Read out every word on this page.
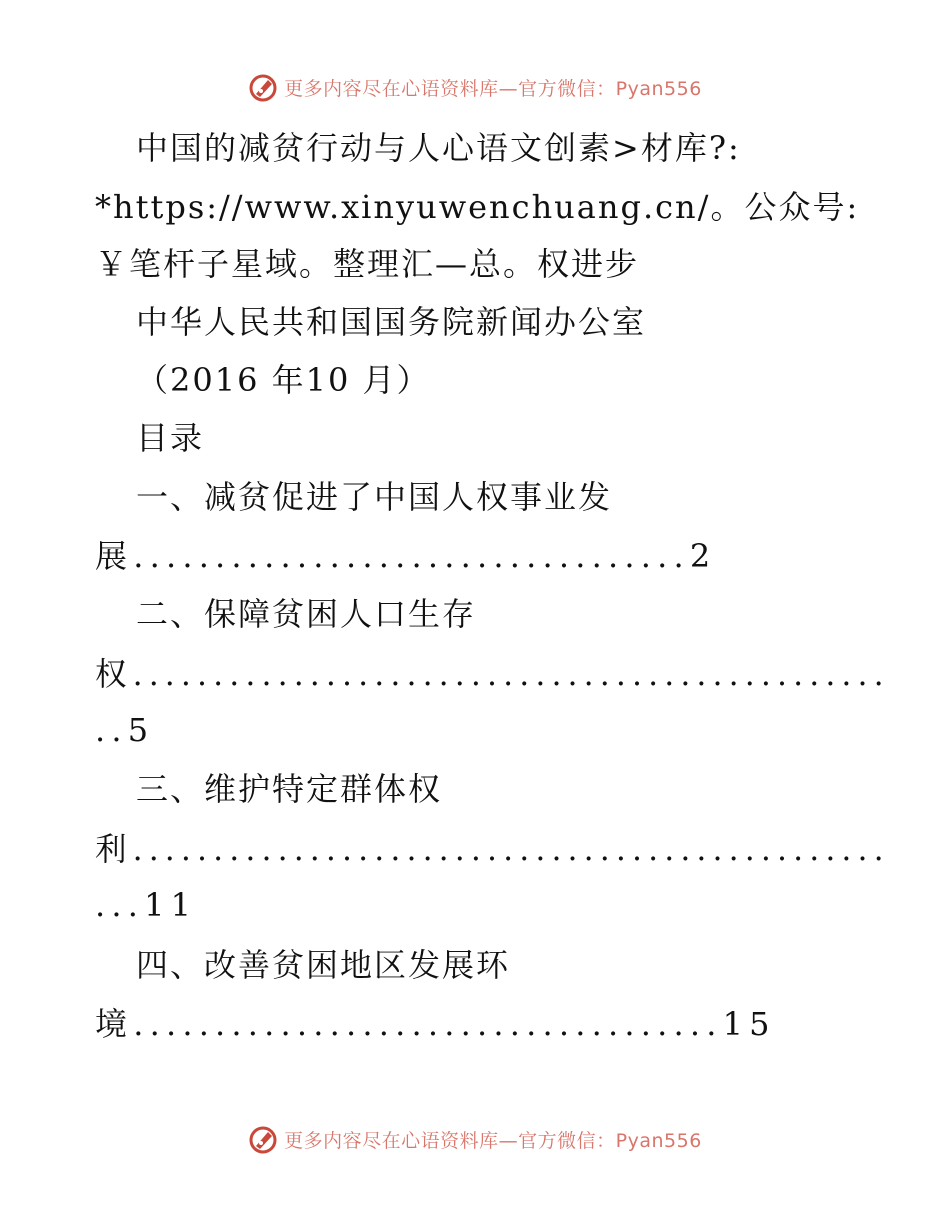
更多内容尽在心语资料库—官方微信：Pyan556
中国的减贫行动与人心语文创素>材库?:
*https://www.xinyuwenchuang.cn/。公众号:
￥笔杆子星域。整理汇—总。权进步
中华人民共和国国务院新闻办公室
（2016 年10 月）
目录
一、减贫促进了中国人权事业发
展..................................2
二、保障贫困人口生存
权...............................................
..5
三、维护特定群体权
利...............................................
...11
四、改善贫困地区发展环
境....................................15
更多内容尽在心语资料库—官方微信：Pyan556
